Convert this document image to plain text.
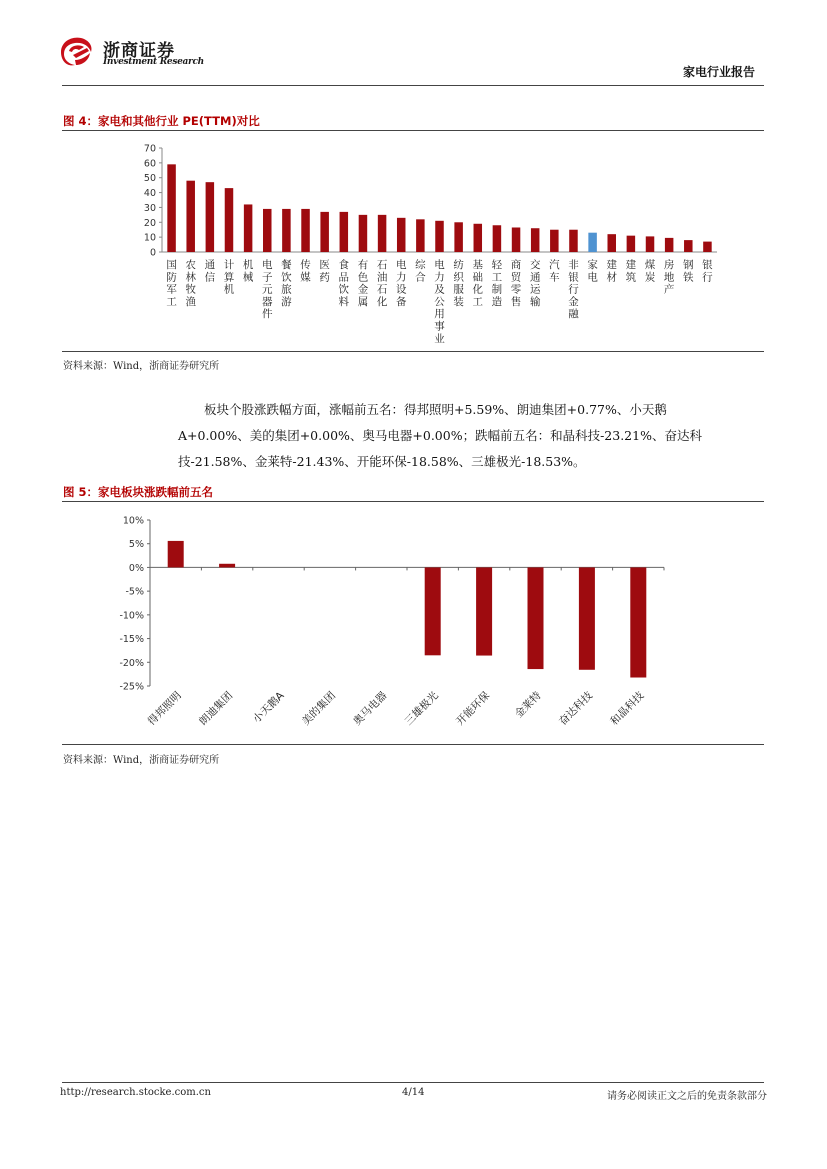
浙商证券
Investment Research
家电行业报告
图 4：家电和其他行业 PE(TTM)对比
0
10
20
30
40
50
60
70
国防军工
农林牧渔
通信
计算机
机械
电子元器件
餐饮旅游
传媒
医药
食品饮料
有色金属
石油石化
电力设备
综合
电力及公用事业
纺织服装
基础化工
轻工制造
商贸零售
交通运输
汽车
非银行金融
家电
建材
建筑
煤炭
房地产
钢铁
银行
资料来源：Wind，浙商证券研究所

板块个股涨跌幅方面，涨幅前五名：得邦照明+5.59%、朗迪集团+0.77%、小天鹅

A+0.00%、美的集团+0.00%、奥马电器+0.00%；跌幅前五名：和晶科技-23.21%、奋达科

技-21.58%、金莱特-21.43%、开能环保-18.58%、三雄极光-18.53%。

图 5：家电板块涨跌幅前五名
10%
5%
0%
-5%
-10%
-15%
-20%
-25%
得邦照明 朗迪集团 小天鹅A 美的集团 奥马电器 三雄极光 开能环保 金莱特 奋达科技 和晶科技
资料来源：Wind，浙商证券研究所
http://research.stocke.com.cn	4/14	请务必阅读正文之后的免责条款部分
